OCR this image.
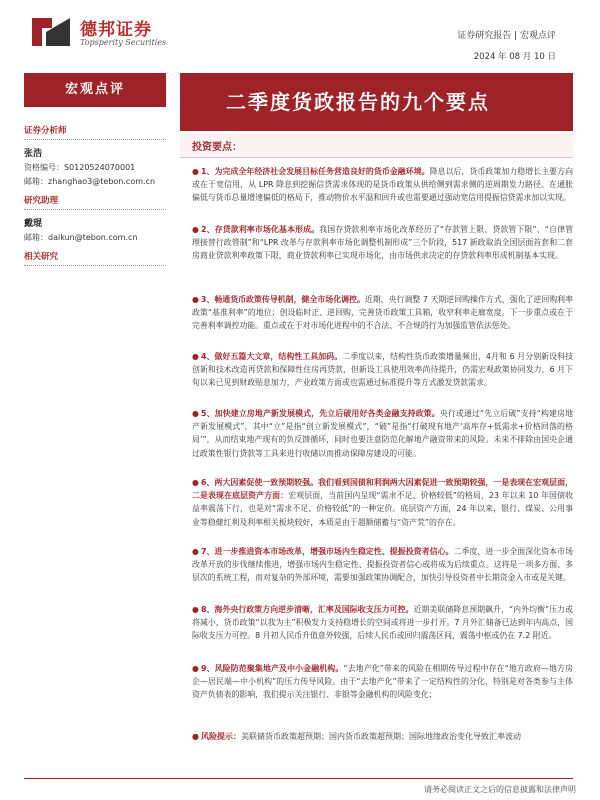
德邦证券
Topsperity Securities
证券研究报告 | 宏观点评
2024 年 08 月 10 日
宏观点评
二季度货政报告的九个要点
证券分析师
张浩
资格编号：S0120524070001
邮箱：zhanghao3@tebon.com.cn
研究助理
戴琨
邮箱：daikun@tebon.com.cn
相关研究
投资要点：
● 1、为完成全年经济社会发展目标任务营造良好的货币金融环境。降息以后，货币政策加力稳增长主要方向或在于宽信用，从 LPR 降息到挖掘信贷需求体现的是货币政策从供给侧到需求侧的逆周期发力路径。在通胀偏低与货币总量增速偏低的格局下，推动物价水平温和回升或也需要通过强动宽信用提振信贷需求加以实现。
● 2、存贷款利率市场化基本形成。我国存贷款利率市场化改革经历了“存款管上限、贷款管下限”、“自律管理接替行政管制”和“LPR 改革与存款利率市场化调整机制形成”三个阶段，517 新政取消全国层面首套和二套房商业贷款利率政策下限，商业贷款利率已实现市场化，由市场供求决定的存贷款利率形成机制基本实现。
● 3、畅通货币政策传导机制，健全市场化调控。近期，央行调整 7 天期逆回购操作方式，强化了逆回购利率政策“基准利率”的地位；创设临时正、逆回购，完善货币政策工具箱，收窄利率走廊宽度。下一步重点或在于完善利率调控功能。重点或在于对市场化进程中的不合法、不合规的行为加强监管依法惩处。
● 4、做好五篇大文章，结构性工具加码。二季度以来，结构性货币政策增量频出，4月和 6 月分别新设科技创新和技术改造再贷款和保障性住房再贷款，但新设工具使用效率尚待提升，仍需宏观政策协同发力，6 月下旬以来已见到财政贴息加力，产业政策方面或也需通过标准提升等方式激发贷款需求。
● 5、加快建立房地产新发展模式，先立后破用好各类金融支持政策。央行或通过“先立后破”支持“构建房地产新发展模式”，其中“立”是指“创立新发展模式”，“破”是指“打破现有地产‘高库存+低需求+价格回落的格局’”，从而结束地产现有的负反馈循环，同时也要注意防范化解地产融资带来的风险。未来不排除由国央企通过政策性银行贷款等工具来进行收储以而推动保障房建设的可能。
● 6、两大因素促使一致预期较强。我们看到国债和利润两大因素促进一致预期较强，一是表现在宏观层面，二是表现在底层资产方面：宏观层面，当前国内呈现“需求不足、价格较低”的格局，23 年以来 10 年国债收益率震荡下行，也是对“需求不足、价格较低”的一种定价。底层资产方面，24 年以来，银行、煤炭、公用事业等稳健红利及利率相关板块较好，本质是由于超额储蓄与“资产荒”的存在。
● 7、进一步推进资本市场改革，增强市场内生稳定性、提振投资者信心。二季度，进一步全面深化资本市场改革开放的步伐继续推进，增强市场内生稳定性、提振投资者信心或将成为后续重点。这将是一项多方面、多层次的系统工程，而对复杂的外部环境，需要加强政策协调配合，加快引导投资者中长期资金入市或是关键。
● 8、海外央行政策方向逆步清晰，汇率及国际收支压力可控。近期美联储降息预期飙升，“内外均衡”压力或将减小，货币政策“以我为主”积极发力支持稳增长的空间或将进一步打开。7 月外汇储备已达到年内高点，国际收支压力可控。8 月初人民币升值意外较强，后续人民币或回归震荡区间，震荡中枢或仍在 7.2 附近。
● 9、风险防范聚集地产及中小金融机构。“去地产化”带来的风险在相期传导过程中存在“地方政府—地方房企—居民端—中小机构”的压力传导风险。由于“去地产化”带来了一定结构性的分化，特别是对各类参与主体资产负债表的影响，我们提示关注银行、非银等金融机构的风险变化；
● 风险提示：美联储货币政策超预期；国内货币政策超预期；国际地缘政治变化导致汇率波动
请务必阅读正文之后的信息披露和法律声明
